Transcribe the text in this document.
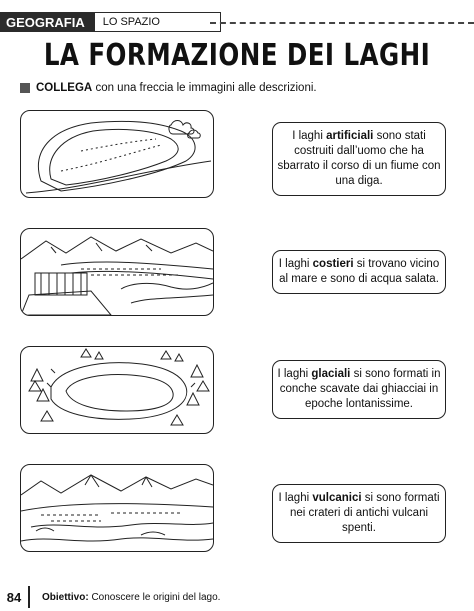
GEOGRAFIA	LO SPAZIO
LA FORMAZIONE DEI LAGHI
COLLEGA con una freccia le immagini alle descrizioni.
I laghi artificiali sono stati costruiti dall’uomo che ha sbarrato il corso di un fiume con una diga.
I laghi costieri si trovano vicino al mare e sono di acqua salata.
I laghi glaciali si sono formati in conche scavate dai ghiacciai in epoche lontanissime.
I laghi vulcanici si sono formati nei crateri di antichi vulcani spenti.
84	Obiettivo: Conoscere le origini del lago.
